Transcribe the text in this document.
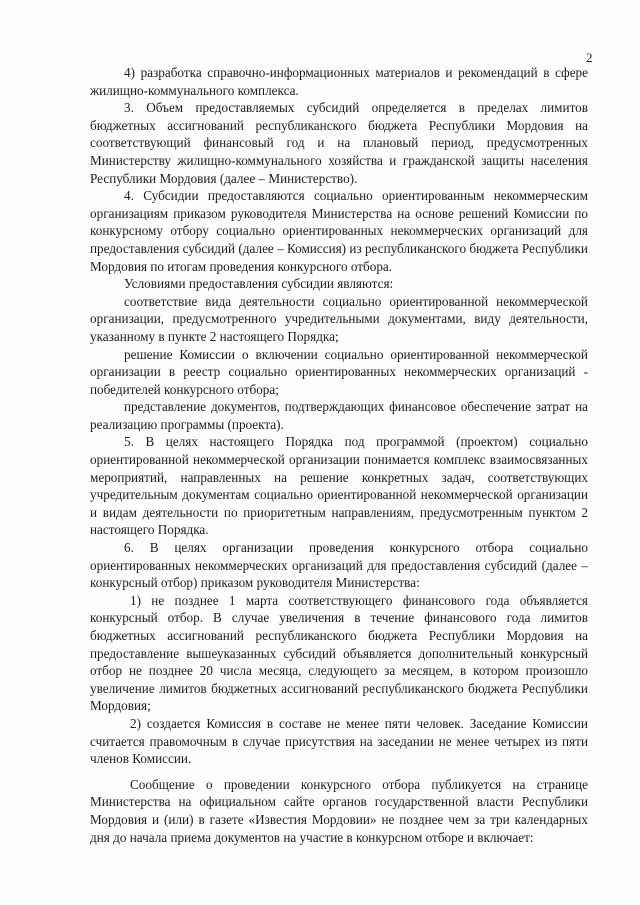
2

4) разработка справочно-информационных материалов и рекомендаций в сфере жилищно-коммунального комплекса.

3. Объем предоставляемых субсидий определяется в пределах лимитов бюджетных ассигнований республиканского бюджета Республики Мордовия на соответствующий финансовый год и на плановый период, предусмотренных Министерству жилищно-коммунального хозяйства и гражданской защиты населения Республики Мордовия (далее – Министерство).

4. Субсидии предоставляются социально ориентированным некоммерческим организациям приказом руководителя Министерства на основе решений Комиссии по конкурсному отбору социально ориентированных некоммерческих организаций для предоставления субсидий (далее – Комиссия) из республиканского бюджета Республики Мордовия по итогам проведения конкурсного отбора.

Условиями предоставления субсидии являются:

соответствие вида деятельности социально ориентированной некоммерческой организации, предусмотренного учредительными документами, виду деятельности, указанному в пункте 2 настоящего Порядка;

решение Комиссии о включении социально ориентированной некоммерческой организации в реестр социально ориентированных некоммерческих организаций - победителей конкурсного отбора;

представление документов, подтверждающих финансовое обеспечение затрат на реализацию программы (проекта).

5. В целях настоящего Порядка под программой (проектом) социально ориентированной некоммерческой организации понимается комплекс взаимосвязанных мероприятий, направленных на решение конкретных задач, соответствующих учредительным документам социально ориентированной некоммерческой организации и видам деятельности по приоритетным направлениям, предусмотренным пунктом 2 настоящего Порядка.

6. В целях организации проведения конкурсного отбора социально ориентированных некоммерческих организаций для предоставления субсидий (далее – конкурсный отбор) приказом руководителя Министерства:

1) не позднее 1 марта соответствующего финансового года объявляется конкурсный отбор. В случае увеличения в течение финансового года лимитов бюджетных ассигнований республиканского бюджета Республики Мордовия на предоставление вышеуказанных субсидий объявляется дополнительный конкурсный отбор не позднее 20 числа месяца, следующего за месяцем, в котором произошло увеличение лимитов бюджетных ассигнований республиканского бюджета Республики Мордовия;

2) создается Комиссия в составе не менее пяти человек. Заседание Комиссии считается правомочным в случае присутствия на заседании не менее четырех из пяти членов Комиссии.

Сообщение о проведении конкурсного отбора публикуется на странице Министерства на официальном сайте органов государственной власти Республики Мордовия и (или) в газете «Известия Мордовии» не позднее чем за три календарных дня до начала приема документов на участие в конкурсном отборе и включает:
